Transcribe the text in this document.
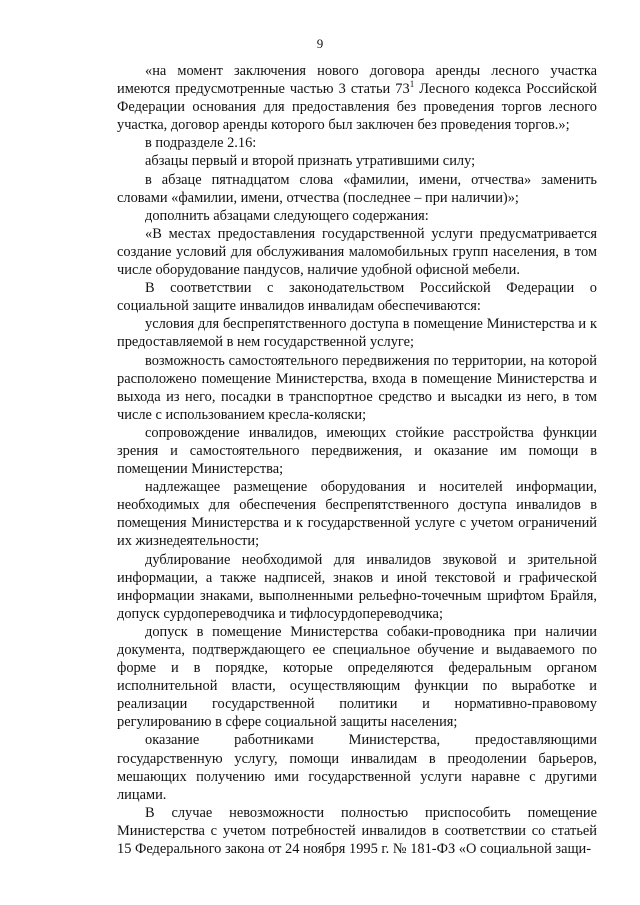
9

«на момент заключения нового договора аренды лесного участка имеются предусмотренные частью 3 статьи $73^1$ Лесного кодекса Российской Федерации основания для предоставления без проведения торгов лесного участка, договор аренды которого был заключен без проведения торгов.»;

в подразделе 2.16:

абзацы первый и второй признать утратившими силу;

в абзаце пятнадцатом слова «фамилии, имени, отчества» заменить словами «фамилии, имени, отчества (последнее – при наличии)»;

дополнить абзацами следующего содержания:

«В местах предоставления государственной услуги предусматривается создание условий для обслуживания маломобильных групп населения, в том числе оборудование пандусов, наличие удобной офисной мебели.

В соответствии с законодательством Российской Федерации о социальной защите инвалидов инвалидам обеспечиваются:

условия для беспрепятственного доступа в помещение Министерства и к предоставляемой в нем государственной услуге;

возможность самостоятельного передвижения по территории, на которой расположено помещение Министерства, входа в помещение Министерства и выхода из него, посадки в транспортное средство и высадки из него, в том числе с использованием кресла-коляски;

сопровождение инвалидов, имеющих стойкие расстройства функции зрения и самостоятельного передвижения, и оказание им помощи в помещении Министерства;

надлежащее размещение оборудования и носителей информации, необходимых для обеспечения беспрепятственного доступа инвалидов в помещения Министерства и к государственной услуге с учетом ограничений их жизнедеятельности;

дублирование необходимой для инвалидов звуковой и зрительной информации, а также надписей, знаков и иной текстовой и графической информации знаками, выполненными рельефно-точечным шрифтом Брайля, допуск сурдопереводчика и тифлосурдопереводчика;

допуск в помещение Министерства собаки-проводника при наличии документа, подтверждающего ее специальное обучение и выдаваемого по форме и в порядке, которые определяются федеральным органом исполнительной власти, осуществляющим функции по выработке и реализации государственной политики и нормативно-правовому регулированию в сфере социальной защиты населения;

оказание работниками Министерства, предоставляющими государственную услугу, помощи инвалидам в преодолении барьеров, мешающих получению ими государственной услуги наравне с другими лицами.

В случае невозможности полностью приспособить помещение Министерства с учетом потребностей инвалидов в соответствии со статьей 15 Федерального закона от 24 ноября 1995 г. № 181-ФЗ «О социальной защи-
